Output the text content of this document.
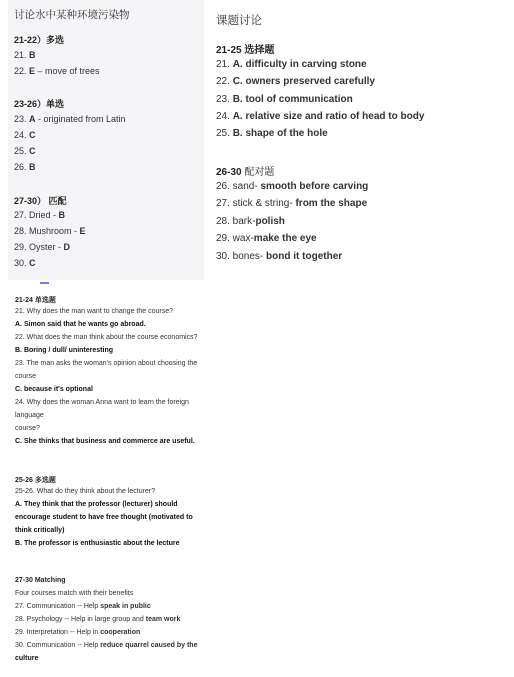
讨论水中某种环境污染物
21-22）多选
21. B
22. E – move of trees
23-26）单选
23. A - originated from Latin
24. C
25. C
26. B
27-30） 匹配
27. Dried - B
28. Mushroom - E
29. Oyster - D
30. C
课题讨论
21-25 选择题
21. A. difficulty in carving stone
22. C. owners preserved carefully
23. B. tool of communication
24. A. relative size and ratio of head to body
25. B. shape of the hole
26-30 配对题
26. sand- smooth before carving
27. stick & string- from the shape
28. bark-polish
29. wax-make the eye
30. bones- bond it together
21-24 单选题
21. Why does the man want to change the course?
A. Simon said that he wants go abroad.
22. What does the man think about the course economics?
B. Boring / dull/ uninteresting
23. The man asks the woman's opinion about choosing the
course
C. because it's optional
24. Why does the woman Anna want to learn the foreign
language
course?
C. She thinks that business and commerce are useful.
25-26 多选题
25-26. What do they think about the lecturer?
A. They think that the professor (lecturer) should
encourage student to have free thought (motivated to
think critically)
B. The professor is enthusiastic about the lecture
27-30 Matching
Four courses match with their benefits
27. Communication -- Help speak in public
28. Psychology -- Help in large group and team work
29. Interpretation -- Help in cooperation
30. Communication -- Help reduce quarrel caused by the
culture
